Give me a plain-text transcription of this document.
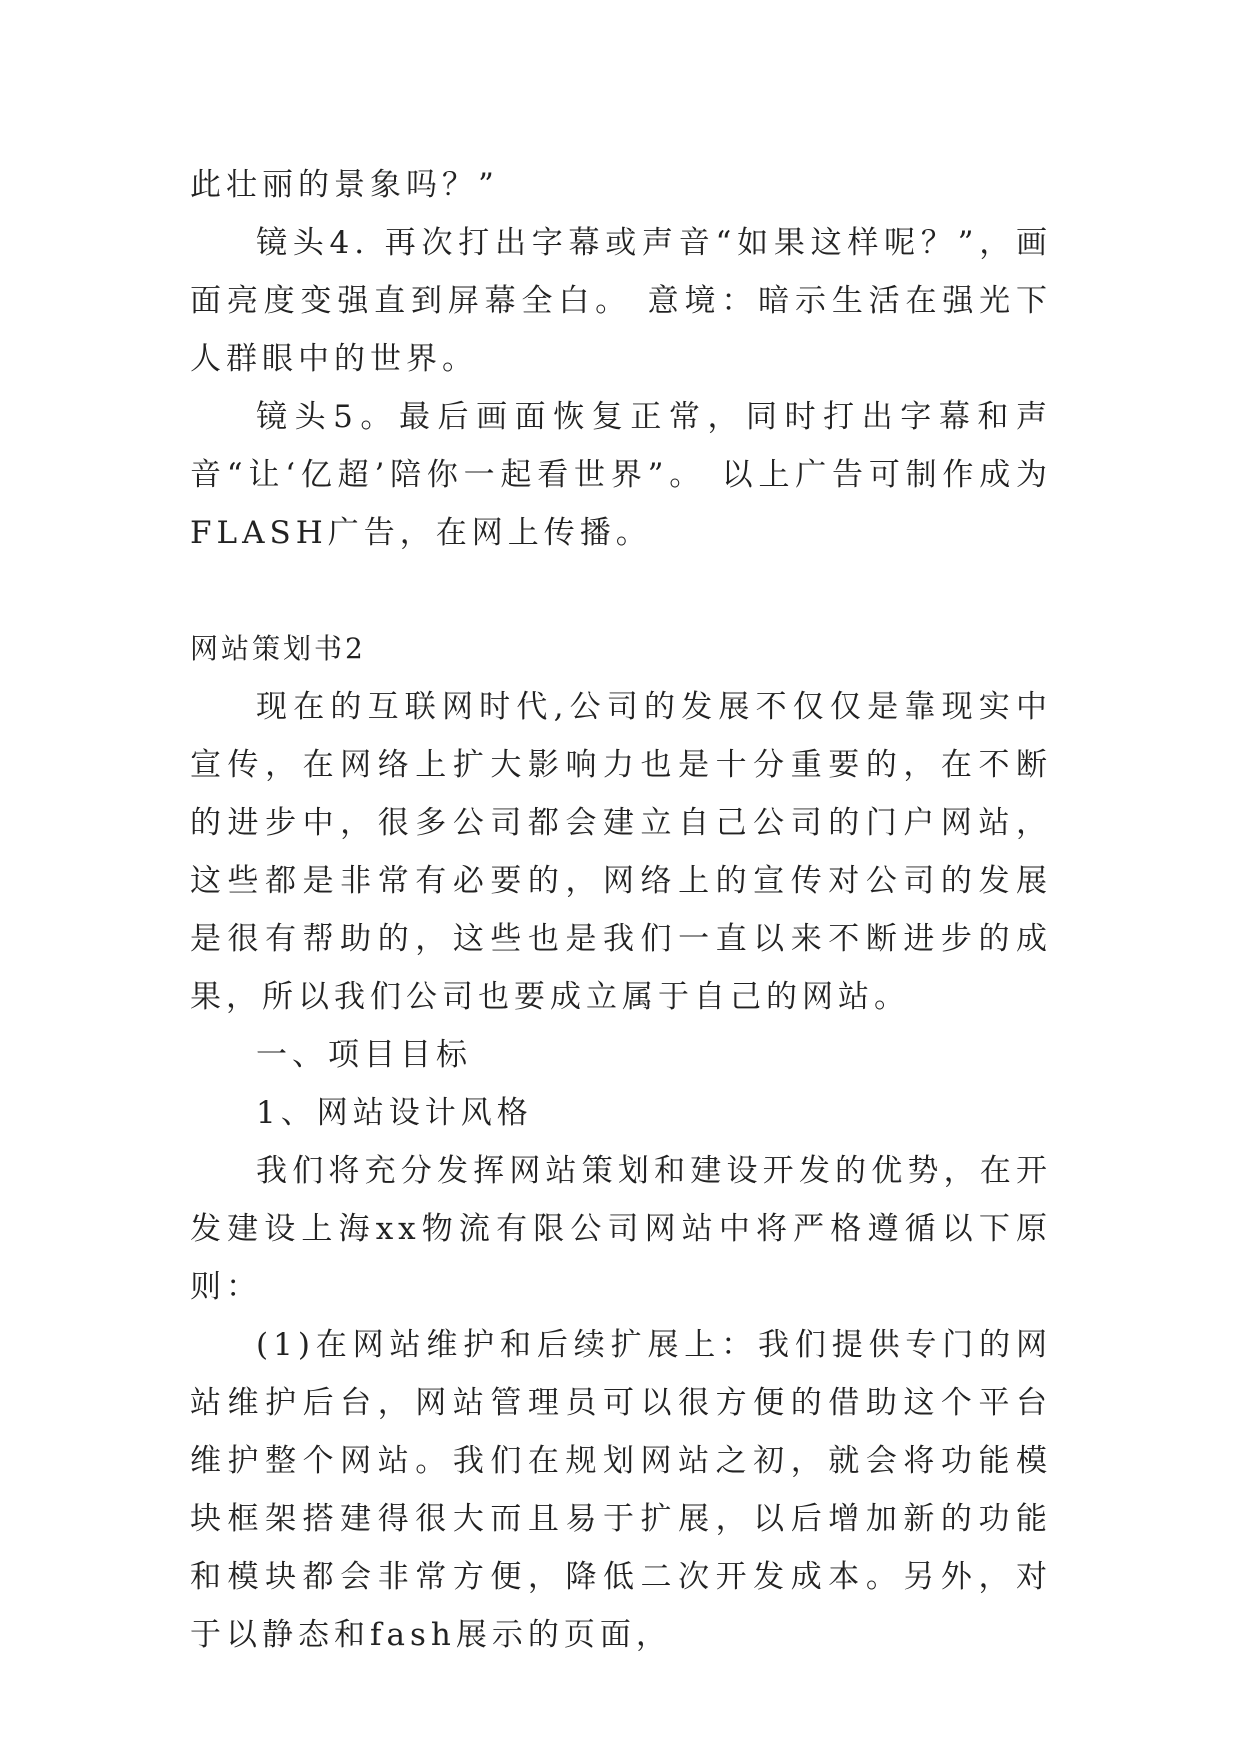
此壮丽的景象吗？”

镜头4. 再次打出字幕或声音“如果这样呢？”，画面亮度变强直到屏幕全白。 意境：暗示生活在强光下人群眼中的世界。

镜头5。最后画面恢复正常，同时打出字幕和声音“让‘亿超’陪你一起看世界”。 以上广告可制作成为FLASH广告，在网上传播。

网站策划书2

现在的互联网时代,公司的发展不仅仅是靠现实中宣传，在网络上扩大影响力也是十分重要的，在不断的进步中，很多公司都会建立自己公司的门户网站，这些都是非常有必要的，网络上的宣传对公司的发展是很有帮助的，这些也是我们一直以来不断进步的成果，所以我们公司也要成立属于自己的网站。

一、项目目标

1、网站设计风格

我们将充分发挥网站策划和建设开发的优势，在开发建设上海xx物流有限公司网站中将严格遵循以下原则：

(1)在网站维护和后续扩展上：我们提供专门的网站维护后台，网站管理员可以很方便的借助这个平台维护整个网站。我们在规划网站之初，就会将功能模块框架搭建得很大而且易于扩展，以后增加新的功能和模块都会非常方便，降低二次开发成本。另外，对于以静态和fash展示的页面，
